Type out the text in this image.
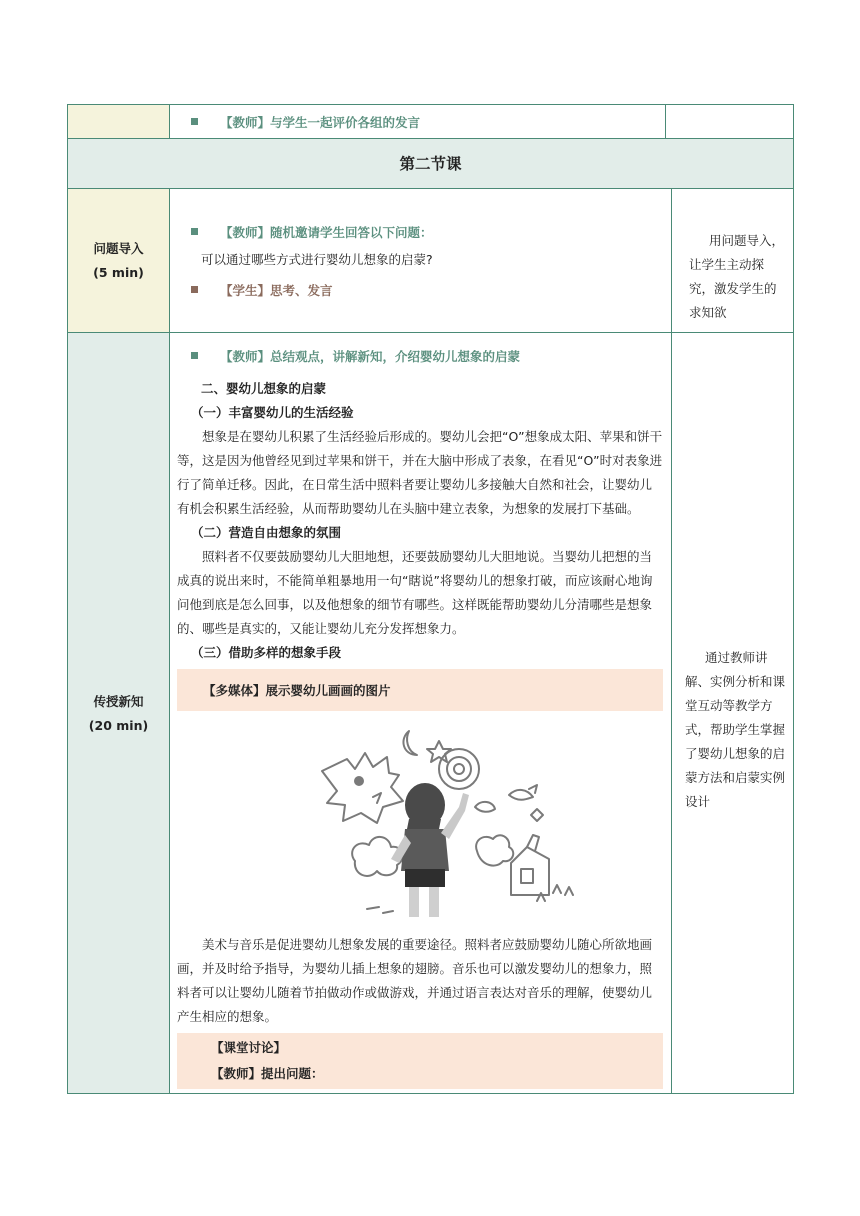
【教师】与学生一起评价各组的发言
第二节课
问题导入
(5 min)
【教师】随机邀请学生回答以下问题：
可以通过哪些方式进行婴幼儿想象的启蒙?
【学生】思考、发言
用问题导入，让学生主动探究，激发学生的求知欲
传授新知
(20 min)
【教师】总结观点，讲解新知，介绍婴幼儿想象的启蒙
二、婴幼儿想象的启蒙
（一）丰富婴幼儿的生活经验

想象是在婴幼儿积累了生活经验后形成的。婴幼儿会把“O”想象成太阳、苹果和饼干等，这是因为他曾经见到过苹果和饼干，并在大脑中形成了表象，在看见“O”时对表象进行了简单迁移。因此，在日常生活中照料者要让婴幼儿多接触大自然和社会，让婴幼儿有机会积累生活经验，从而帮助婴幼儿在头脑中建立表象，为想象的发展打下基础。

（二）营造自由想象的氛围

照料者不仅要鼓励婴幼儿大胆地想，还要鼓励婴幼儿大胆地说。当婴幼儿把想的当成真的说出来时，不能简单粗暴地用一句“瞎说”将婴幼儿的想象打破，而应该耐心地询问他到底是怎么回事，以及他想象的细节有哪些。这样既能帮助婴幼儿分清哪些是想象的、哪些是真实的，又能让婴幼儿充分发挥想象力。

（三）借助多样的想象手段
【多媒体】展示婴幼儿画画的图片

美术与音乐是促进婴幼儿想象发展的重要途径。照料者应鼓励婴幼儿随心所欲地画画，并及时给予指导，为婴幼儿插上想象的翅膀。音乐也可以激发婴幼儿的想象力，照料者可以让婴幼儿随着节拍做动作或做游戏，并通过语言表达对音乐的理解，使婴幼儿产生相应的想象。

【课堂讨论】
【教师】提出问题：
通过教师讲解、实例分析和课堂互动等教学方式，帮助学生掌握了婴幼儿想象的启蒙方法和启蒙实例设计
